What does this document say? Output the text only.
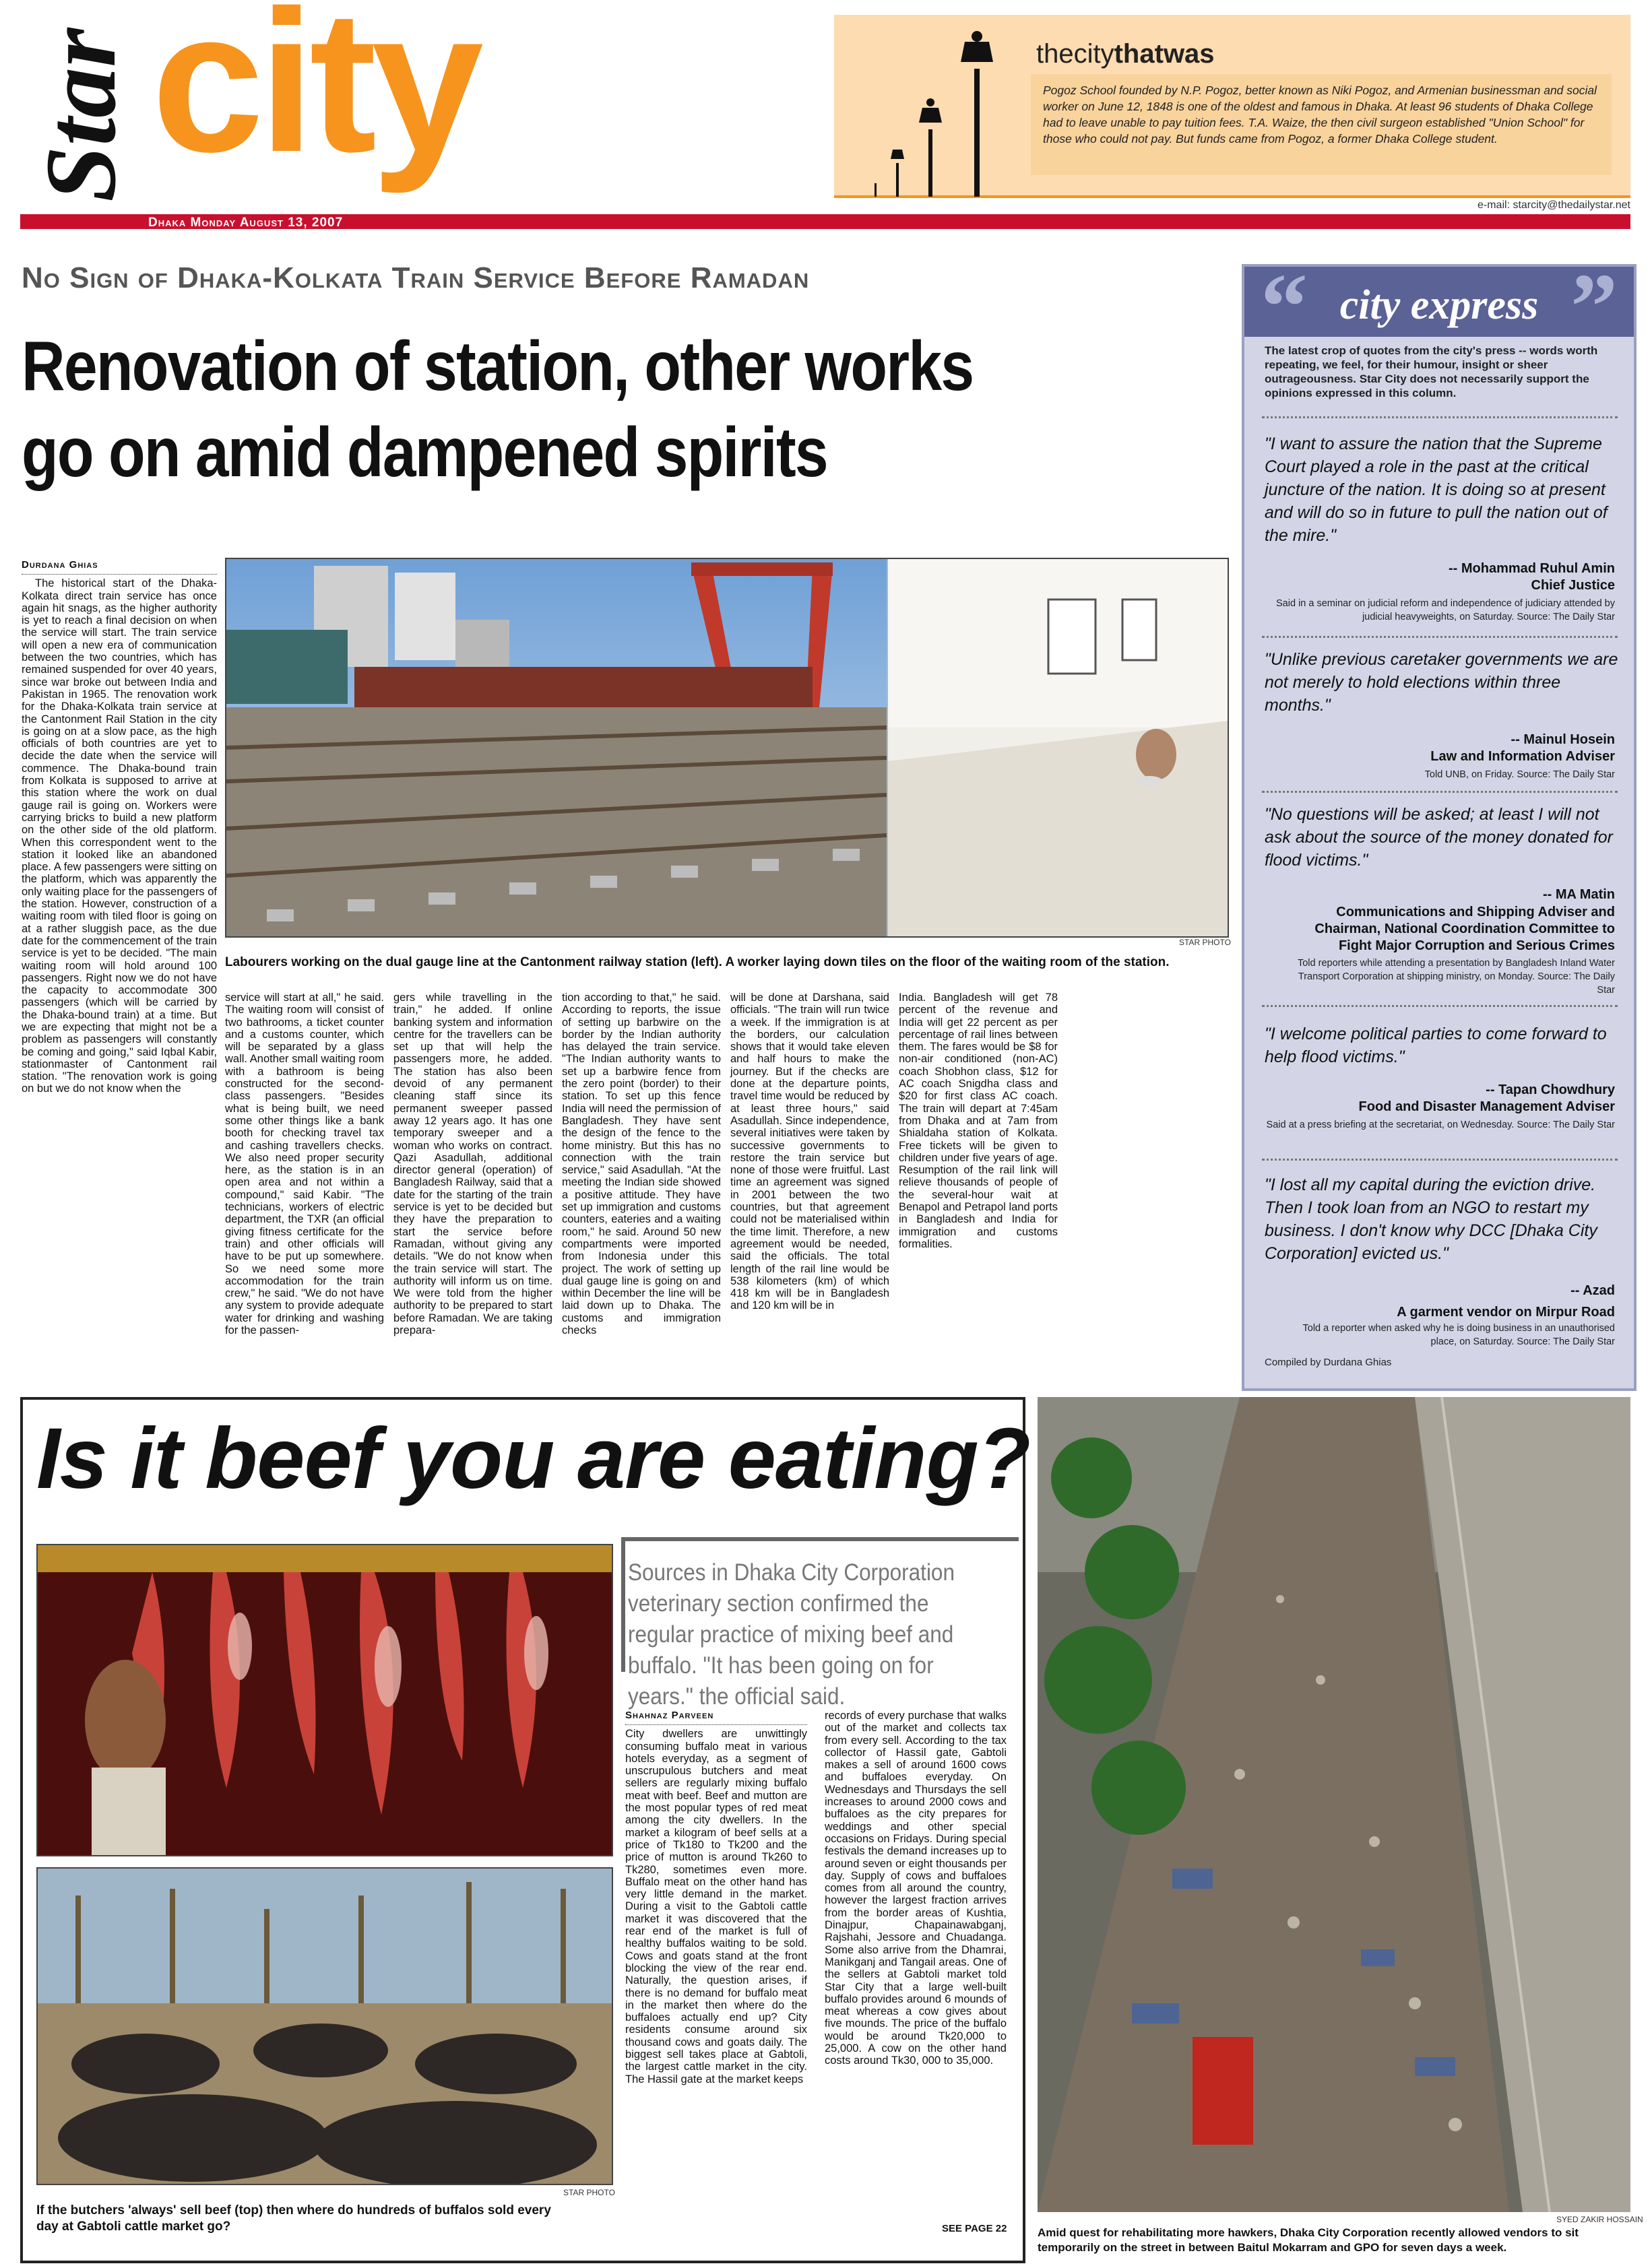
Star city
Dhaka Monday August 13, 2007
e-mail: starcity@thedailystar.net
thecitythatwas
Pogoz School founded by N.P. Pogoz, better known as Niki Pogoz, and Armenian businessman and social worker on June 12, 1848 is one of the oldest and famous in Dhaka. At least 96 students of Dhaka College had to leave unable to pay tuition fees. T.A. Waize, the then civil surgeon established "Union School" for those who could not pay. But funds came from Pogoz, a former Dhaka College student.
No Sign of Dhaka-Kolkata Train Service Before Ramadan
Renovation of station, other works go on amid dampened spirits
Durdana Ghias

The historical start of the Dhaka-Kolkata direct train service has once again hit snags, as the higher authority is yet to reach a final decision on when the service will start. The train service will open a new era of communication between the two countries, which has remained suspended for over 40 years, since war broke out between India and Pakistan in 1965. The renovation work for the Dhaka-Kolkata train service at the Cantonment Rail Station in the city is going on at a slow pace, as the high officials of both countries are yet to decide the date when the service will commence. The Dhaka-bound train from Kolkata is supposed to arrive at this station where the work on dual gauge rail is going on. Workers were carrying bricks to build a new platform on the other side of the old platform. When this correspondent went to the station it looked like an abandoned place. A few passengers were sitting on the platform, which was apparently the only waiting place for the passengers of the station. However, construction of a waiting room with tiled floor is going on at a rather sluggish pace, as the due date for the commencement of the train service is yet to be decided. "The main waiting room will hold around 100 passengers. Right now we do not have the capacity to accommodate 300 passengers (which will be carried by the Dhaka-bound train) at a time. But we are expecting that might not be a problem as passengers will constantly be coming and going," said Iqbal Kabir, stationmaster of Cantonment rail station. "The renovation work is going on but we do not know when the

STAR PHOTO
Labourers working on the dual gauge line at the Cantonment railway station (left). A worker laying down tiles on the floor of the waiting room of the station.

service will start at all," he said. The waiting room will consist of two bathrooms, a ticket counter and a customs counter, which will be separated by a glass wall. Another small waiting room with a bathroom is being constructed for the second-class passengers. "Besides what is being built, we need some other things like a bank booth for checking travel tax and cashing travellers checks. We also need proper security here, as the station is in an open area and not within a compound," said Kabir. "The technicians, workers of electric department, the TXR (an official giving fitness certificate for the train) and other officials will have to be put up somewhere. So we need some more accommodation for the train crew," he said. "We do not have any system to provide adequate water for drinking and washing for the passen-

gers while travelling in the train," he added. If online banking system and information centre for the travellers can be set up that will help the passengers more, he added. The station has also been devoid of any permanent cleaning staff since its permanent sweeper passed away 12 years ago. It has one temporary sweeper and a woman who works on contract. Qazi Asadullah, additional director general (operation) of Bangladesh Railway, said that a date for the starting of the train service is yet to be decided but they have the preparation to start the service before Ramadan, without giving any details. "We do not know when the train service will start. The authority will inform us on time. We were told from the higher authority to be prepared to start before Ramadan. We are taking prepara-

tion according to that," he said. According to reports, the issue of setting up barbwire on the border by the Indian authority has delayed the train service. "The Indian authority wants to set up a barbwire fence from the zero point (border) to their station. To set up this fence India will need the permission of Bangladesh. They have sent the design of the fence to the home ministry. But this has no connection with the train service," said Asadullah. "At the meeting the Indian side showed a positive attitude. They have set up immigration and customs counters, eateries and a waiting room," he said. Around 50 new compartments were imported from Indonesia under this project. The work of setting up dual gauge line is going on and within December the line will be laid down up to Dhaka. The customs and immigration checks

will be done at Darshana, said officials. "The train will run twice a week. If the immigration is at the borders, our calculation shows that it would take eleven and half hours to make the journey. But if the checks are done at the departure points, travel time would be reduced by at least three hours," said Asadullah. Since independence, several initiatives were taken by successive governments to restore the train service but none of those were fruitful. Last time an agreement was signed in 2001 between the two countries, but that agreement could not be materialised within the time limit. Therefore, a new agreement would be needed, said the officials. The total length of the rail line would be 538 kilometers (km) of which 418 km will be in Bangladesh and 120 km will be in

India. Bangladesh will get 78 percent of the revenue and India will get 22 percent as per percentage of rail lines between them. The fares would be $8 for non-air conditioned (non-AC) coach Shobhon class, $12 for AC coach Snigdha class and $20 for first class AC coach. The train will depart at 7:45am from Dhaka and at 7am from Shialdaha station of Kolkata. Free tickets will be given to children under five years of age. Resumption of the rail link will relieve thousands of people of the several-hour wait at Benapol and Petrapol land ports in Bangladesh and India for immigration and customs formalities.

“	”
city express
The latest crop of quotes from the city's press -- words worth repeating, we feel, for their humour, insight or sheer outrageousness. Star City does not necessarily support the opinions expressed in this column.
"I want to assure the nation that the Supreme Court played a role in the past at the critical juncture of the nation. It is doing so at present and will do so in future to pull the nation out of the mire."
-- Mohammad Ruhul Amin
Chief Justice
Said in a seminar on judicial reform and independence of judiciary attended by judicial heavyweights, on Saturday. Source: The Daily Star
"Unlike previous caretaker governments we are not merely to hold elections within three months."
-- Mainul Hosein
Law and Information Adviser
Told UNB, on Friday. Source: The Daily Star
"No questions will be asked; at least I will not ask about the source of the money donated for flood victims."
-- MA Matin
Communications and Shipping Adviser and Chairman, National Coordination Committee to Fight Major Corruption and Serious Crimes
Told reporters while attending a presentation by Bangladesh Inland Water Transport Corporation at shipping ministry, on Monday. Source: The Daily Star
"I welcome political parties to come forward to help flood victims."
-- Tapan Chowdhury
Food and Disaster Management Adviser
Said at a press briefing at the secretariat, on Wednesday. Source: The Daily Star
"I lost all my capital during the eviction drive. Then I took loan from an NGO to restart my business. I don't know why DCC [Dhaka City Corporation] evicted us."
-- Azad
A garment vendor on Mirpur Road
Told a reporter when asked why he is doing business in an unauthorised place, on Saturday. Source: The Daily Star
Compiled by Durdana Ghias
Is it beef you are eating?
STAR PHOTO
If the butchers 'always' sell beef (top) then where do hundreds of buffalos sold every day at Gabtoli cattle market go?
Sources in Dhaka City Corporation veterinary section confirmed the regular practice of mixing beef and buffalo. "It has been going on for years." the official said.
Shahnaz Parveen

City dwellers are unwittingly consuming buffalo meat in various hotels everyday, as a segment of unscrupulous butchers and meat sellers are regularly mixing buffalo meat with beef. Beef and mutton are the most popular types of red meat among the city dwellers. In the market a kilogram of beef sells at a price of Tk180 to Tk200 and the price of mutton is around Tk260 to Tk280, sometimes even more. Buffalo meat on the other hand has very little demand in the market. During a visit to the Gabtoli cattle market it was discovered that the rear end of the market is full of healthy buffalos waiting to be sold. Cows and goats stand at the front blocking the view of the rear end. Naturally, the question arises, if there is no demand for buffalo meat in the market then where do the buffaloes actually end up? City residents consume around six thousand cows and goats daily. The biggest sell takes place at Gabtoli, the largest cattle market in the city. The Hassil gate at the market keeps

records of every purchase that walks out of the market and collects tax from every sell. According to the tax collector of Hassil gate, Gabtoli makes a sell of around 1600 cows and buffaloes everyday. On Wednesdays and Thursdays the sell increases to around 2000 cows and buffaloes as the city prepares for weddings and other special occasions on Fridays. During special festivals the demand increases up to around seven or eight thousands per day. Supply of cows and buffaloes comes from all around the country, however the largest fraction arrives from the border areas of Kushtia, Dinajpur, Chapainawabganj, Rajshahi, Jessore and Chuadanga. Some also arrive from the Dhamrai, Manikganj and Tangail areas. One of the sellers at Gabtoli market told Star City that a large well-built buffalo provides around 6 mounds of meat whereas a cow gives about five mounds. The price of the buffalo would be around Tk20,000 to 25,000. A cow on the other hand costs around Tk30, 000 to 35,000.

SEE PAGE 22
SYED ZAKIR HOSSAIN
Amid quest for rehabilitating more hawkers, Dhaka City Corporation recently allowed vendors to sit temporarily on the street in between Baitul Mokarram and GPO for seven days a week.
